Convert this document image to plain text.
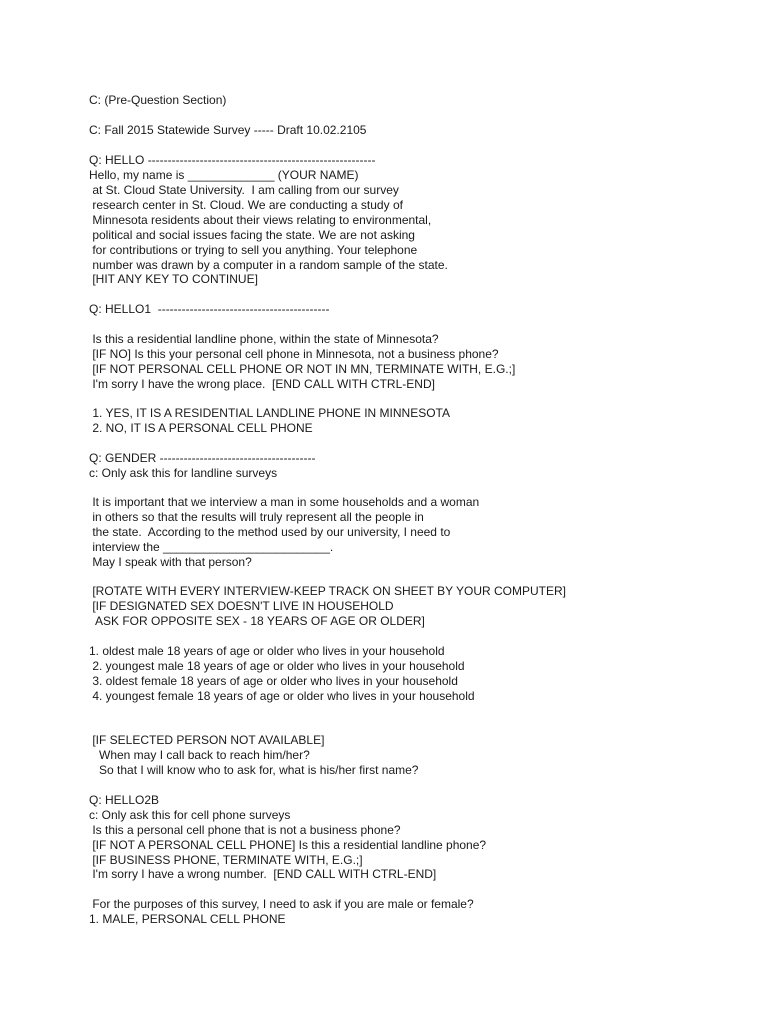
C: (Pre-Question Section)
C: Fall 2015 Statewide Survey ----- Draft 10.02.2105
Q: HELLO ---------------------------------------------------------
Hello, my name is _____________ (YOUR NAME)
at St. Cloud State University.  I am calling from our survey
research center in St. Cloud. We are conducting a study of
Minnesota residents about their views relating to environmental,
political and social issues facing the state. We are not asking
for contributions or trying to sell you anything. Your telephone
number was drawn by a computer in a random sample of the state.
[HIT ANY KEY TO CONTINUE]
Q: HELLO1  -------------------------------------------
Is this a residential landline phone, within the state of Minnesota?
[IF NO] Is this your personal cell phone in Minnesota, not a business phone?
[IF NOT PERSONAL CELL PHONE OR NOT IN MN, TERMINATE WITH, E.G.;]
I'm sorry I have the wrong place.  [END CALL WITH CTRL-END]
1. YES, IT IS A RESIDENTIAL LANDLINE PHONE IN MINNESOTA
2. NO, IT IS A PERSONAL CELL PHONE
Q: GENDER ---------------------------------------
c: Only ask this for landline surveys
It is important that we interview a man in some households and a woman
in others so that the results will truly represent all the people in
the state.  According to the method used by our university, I need to
interview the _________________________.
May I speak with that person?
[ROTATE WITH EVERY INTERVIEW-KEEP TRACK ON SHEET BY YOUR COMPUTER]
[IF DESIGNATED SEX DOESN'T LIVE IN HOUSEHOLD
ASK FOR OPPOSITE SEX - 18 YEARS OF AGE OR OLDER]
1. oldest male 18 years of age or older who lives in your household
2. youngest male 18 years of age or older who lives in your household
3. oldest female 18 years of age or older who lives in your household
4. youngest female 18 years of age or older who lives in your household
[IF SELECTED PERSON NOT AVAILABLE]
When may I call back to reach him/her?
So that I will know who to ask for, what is his/her first name?
Q: HELLO2B
c: Only ask this for cell phone surveys
Is this a personal cell phone that is not a business phone?
[IF NOT A PERSONAL CELL PHONE] Is this a residential landline phone?
[IF BUSINESS PHONE, TERMINATE WITH, E.G.;]
I'm sorry I have a wrong number.  [END CALL WITH CTRL-END]
For the purposes of this survey, I need to ask if you are male or female?
1. MALE, PERSONAL CELL PHONE
